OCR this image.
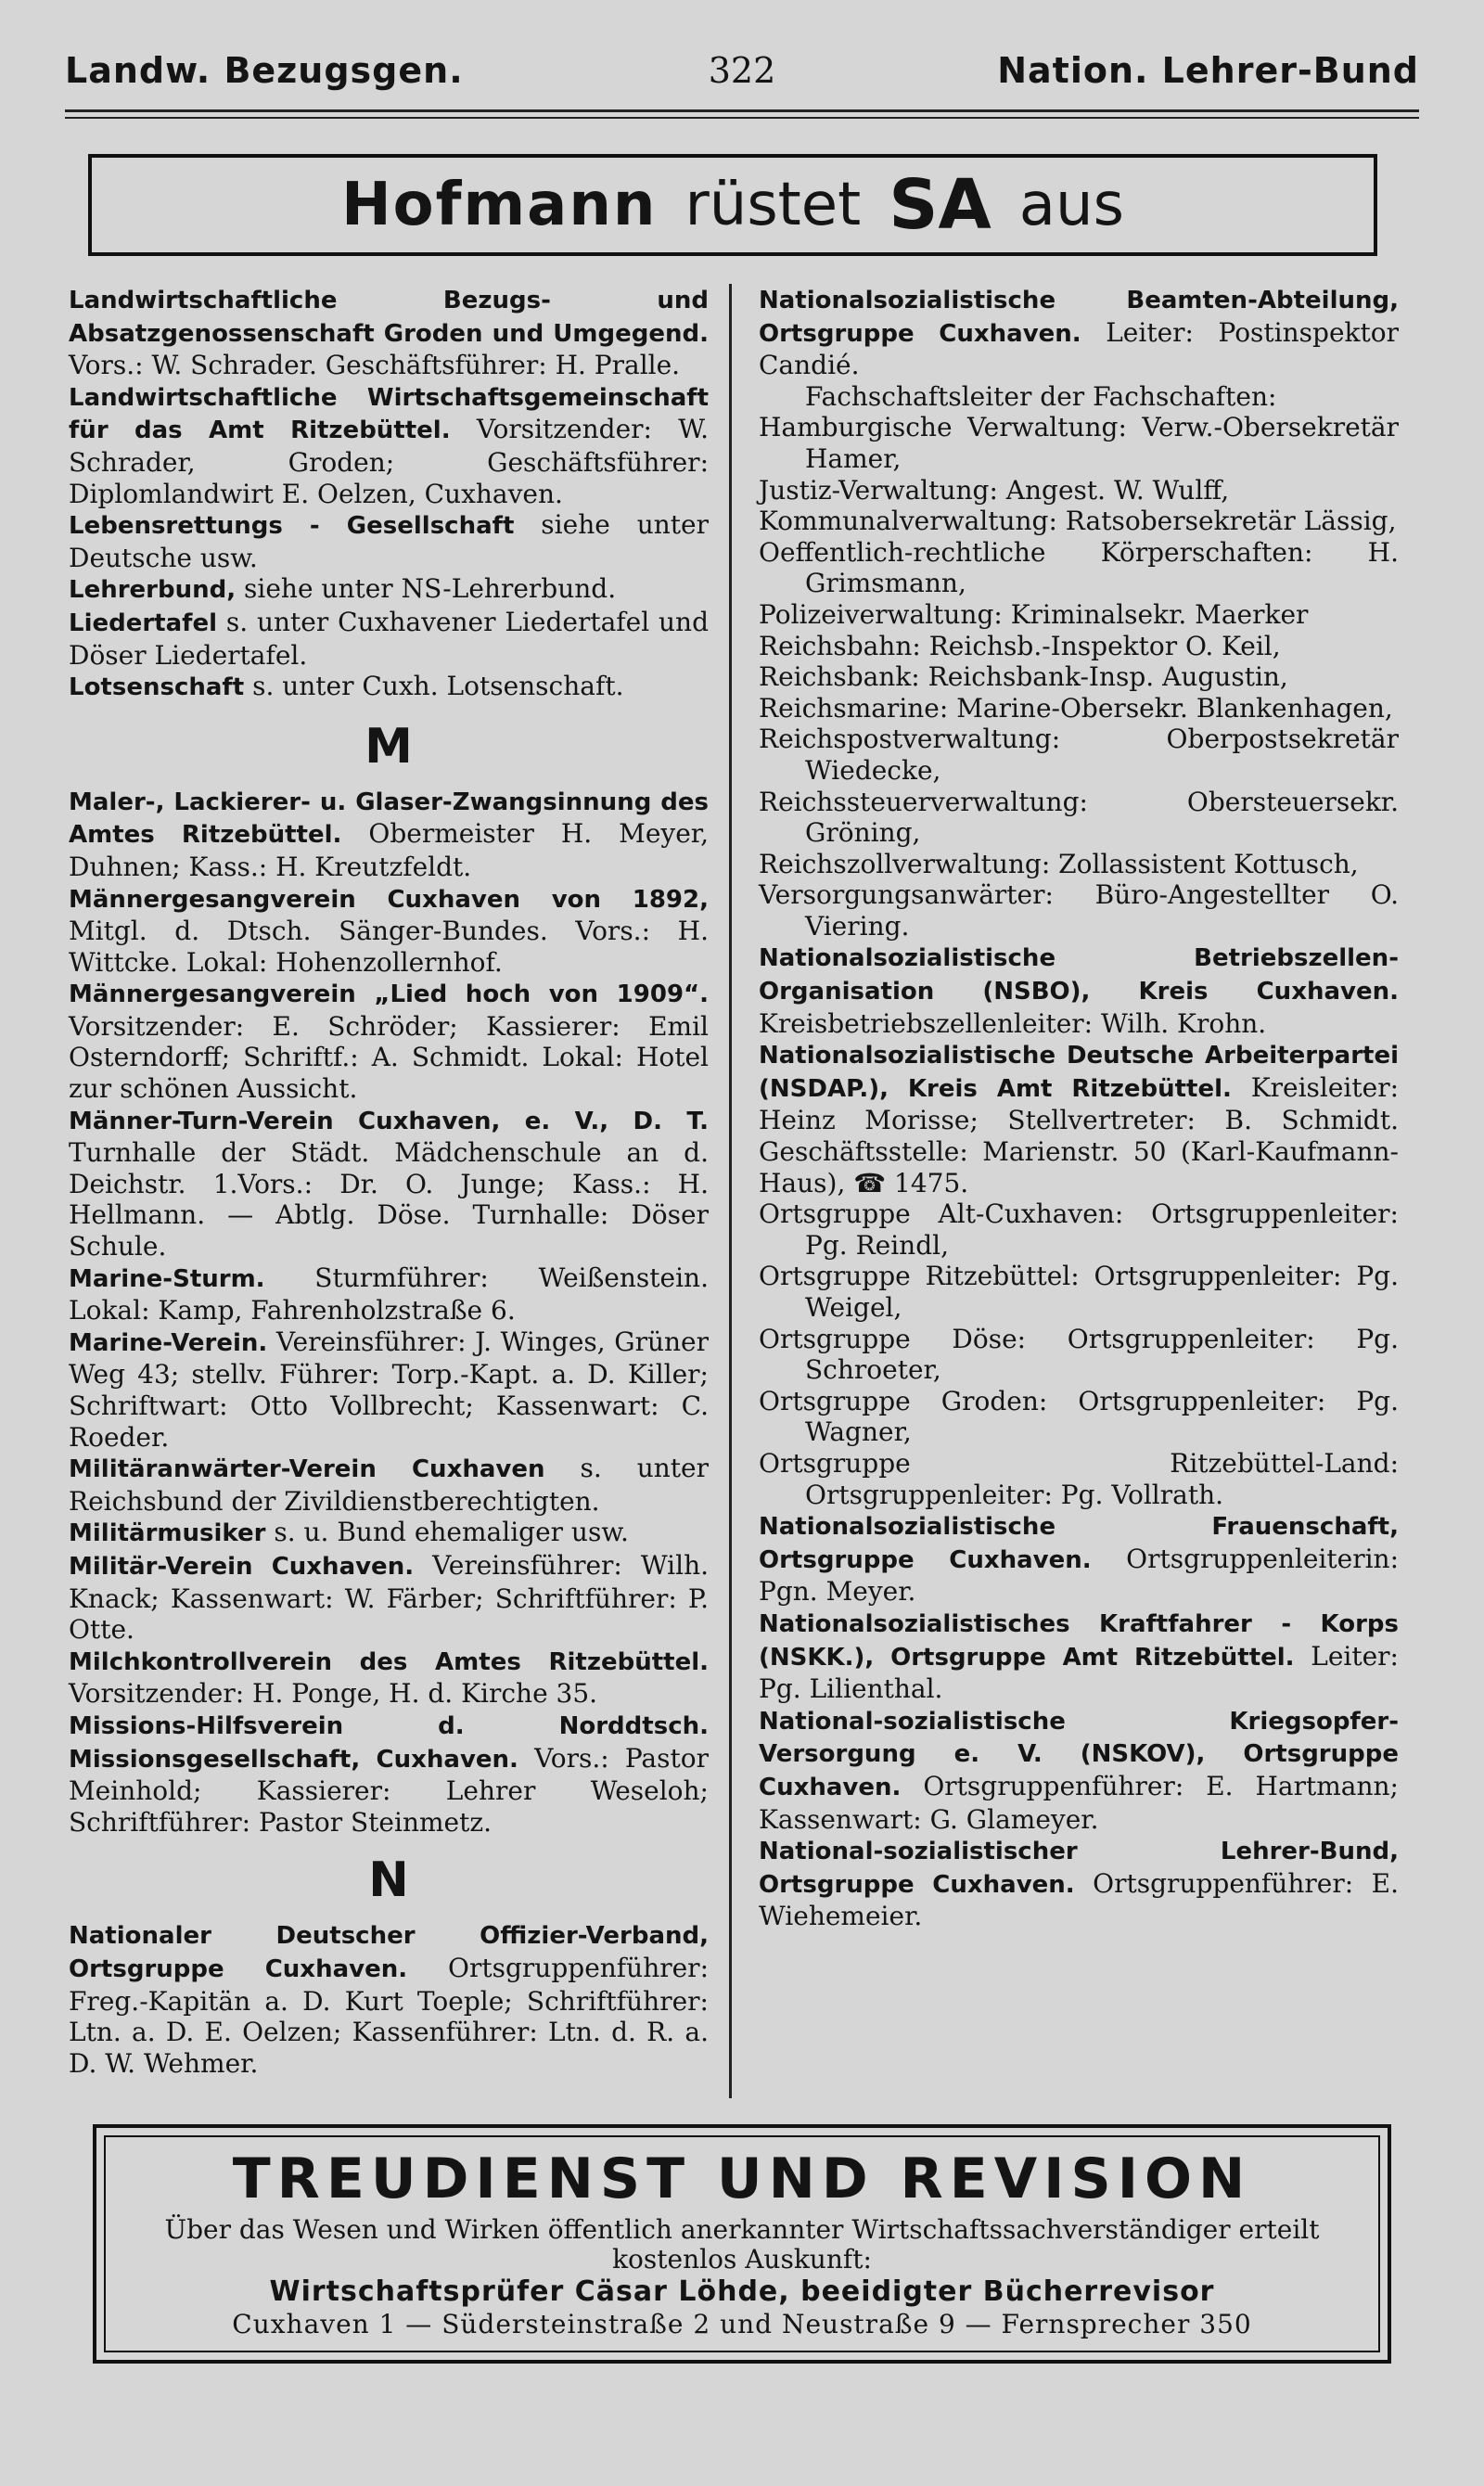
Landw. Bezugsgen.	322	Nation. Lehrer-Bund
Hofmann rüstet SA aus

Landwirtschaftliche Bezugs- und Absatzgenossenschaft Groden und Umgegend. Vors.: W. Schrader. Geschäftsführer: H. Pralle.

Landwirtschaftliche Wirtschaftsgemeinschaft für das Amt Ritzebüttel. Vorsitzender: W. Schrader, Groden; Geschäftsführer: Diplomlandwirt E. Oelzen, Cuxhaven.

Lebensrettungs - Gesellschaft siehe unter Deutsche usw.

Lehrerbund, siehe unter NS-Lehrerbund.

Liedertafel s. unter Cuxhavener Liedertafel und Döser Liedertafel.

Lotsenschaft s. unter Cuxh. Lotsenschaft.

M

Maler-, Lackierer- u. Glaser-Zwangsinnung des Amtes Ritzebüttel. Obermeister H. Meyer, Duhnen; Kass.: H. Kreutzfeldt.

Männergesangverein Cuxhaven von 1892, Mitgl. d. Dtsch. Sänger-Bundes. Vors.: H. Wittcke. Lokal: Hohenzollernhof.

Männergesangverein „Lied hoch von 1909“. Vorsitzender: E. Schröder; Kassierer: Emil Osterndorff; Schriftf.: A. Schmidt. Lokal: Hotel zur schönen Aussicht.

Männer-Turn-Verein Cuxhaven, e. V., D. T. Turnhalle der Städt. Mädchenschule an d. Deichstr. 1.Vors.: Dr. O. Junge; Kass.: H. Hellmann. — Abtlg. Döse. Turnhalle: Döser Schule.

Marine-Sturm. Sturmführer: Weißenstein. Lokal: Kamp, Fahrenholzstraße 6.

Marine-Verein. Vereinsführer: J. Winges, Grüner Weg 43; stellv. Führer: Torp.-Kapt. a. D. Killer; Schriftwart: Otto Vollbrecht; Kassenwart: C. Roeder.

Militäranwärter-Verein Cuxhaven s. unter Reichsbund der Zivildienstberechtigten.

Militärmusiker s. u. Bund ehemaliger usw.

Militär-Verein Cuxhaven. Vereinsführer: Wilh. Knack; Kassenwart: W. Färber; Schriftführer: P. Otte.

Milchkontrollverein des Amtes Ritzebüttel. Vorsitzender: H. Ponge, H. d. Kirche 35.

Missions-Hilfsverein d. Norddtsch. Missionsgesellschaft, Cuxhaven. Vors.: Pastor Meinhold; Kassierer: Lehrer Weseloh; Schriftführer: Pastor Steinmetz.

N

Nationaler Deutscher Offizier-Verband, Ortsgruppe Cuxhaven. Ortsgruppenführer: Freg.-Kapitän a. D. Kurt Toeple; Schriftführer: Ltn. a. D. E. Oelzen; Kassenführer: Ltn. d. R. a. D. W. Wehmer.

Nationalsozialistische Beamten-Abteilung, Ortsgruppe Cuxhaven. Leiter: Postinspektor Candié.

Fachschaftsleiter der Fachschaften:

Hamburgische Verwaltung: Verw.-Obersekretär Hamer,

Justiz-Verwaltung: Angest. W. Wulff,

Kommunalverwaltung: Ratsobersekretär Lässig,

Oeffentlich-rechtliche Körperschaften: H. Grimsmann,

Polizeiverwaltung: Kriminalsekr. Maerker

Reichsbahn: Reichsb.-Inspektor O. Keil,

Reichsbank: Reichsbank-Insp. Augustin,

Reichsmarine: Marine-Obersekr. Blankenhagen,

Reichspostverwaltung: Oberpostsekretär Wiedecke,

Reichssteuerverwaltung: Obersteuersekr. Gröning,

Reichszollverwaltung: Zollassistent Kottusch,

Versorgungsanwärter: Büro-Angestellter O. Viering.

Nationalsozialistische Betriebszellen-Organisation (NSBO), Kreis Cuxhaven. Kreisbetriebszellenleiter: Wilh. Krohn.

Nationalsozialistische Deutsche Arbeiterpartei (NSDAP.), Kreis Amt Ritzebüttel. Kreisleiter: Heinz Morisse; Stellvertreter: B. Schmidt. Geschäftsstelle: Marienstr. 50 (Karl-Kaufmann-Haus), ☎ 1475.

Ortsgruppe Alt-Cuxhaven: Ortsgruppenleiter: Pg. Reindl,

Ortsgruppe Ritzebüttel: Ortsgruppenleiter: Pg. Weigel,

Ortsgruppe Döse: Ortsgruppenleiter: Pg. Schroeter,

Ortsgruppe Groden: Ortsgruppenleiter: Pg. Wagner,

Ortsgruppe Ritzebüttel-Land: Ortsgruppenleiter: Pg. Vollrath.

Nationalsozialistische Frauenschaft, Ortsgruppe Cuxhaven. Ortsgruppenleiterin: Pgn. Meyer.

Nationalsozialistisches Kraftfahrer - Korps (NSKK.), Ortsgruppe Amt Ritzebüttel. Leiter: Pg. Lilienthal.

National-sozialistische Kriegsopfer-Versorgung e. V. (NSKOV), Ortsgruppe Cuxhaven. Ortsgruppenführer: E. Hartmann; Kassenwart: G. Glameyer.

National-sozialistischer Lehrer-Bund, Ortsgruppe Cuxhaven. Ortsgruppenführer: E. Wiehemeier.

TREUDIENST UND REVISION
Über das Wesen und Wirken öffentlich anerkannter Wirtschaftssachverständiger erteilt kostenlos Auskunft:
Wirtschaftsprüfer Cäsar Löhde, beeidigter Bücherrevisor
Cuxhaven 1 — Südersteinstraße 2 und Neustraße 9 — Fernsprecher 350
